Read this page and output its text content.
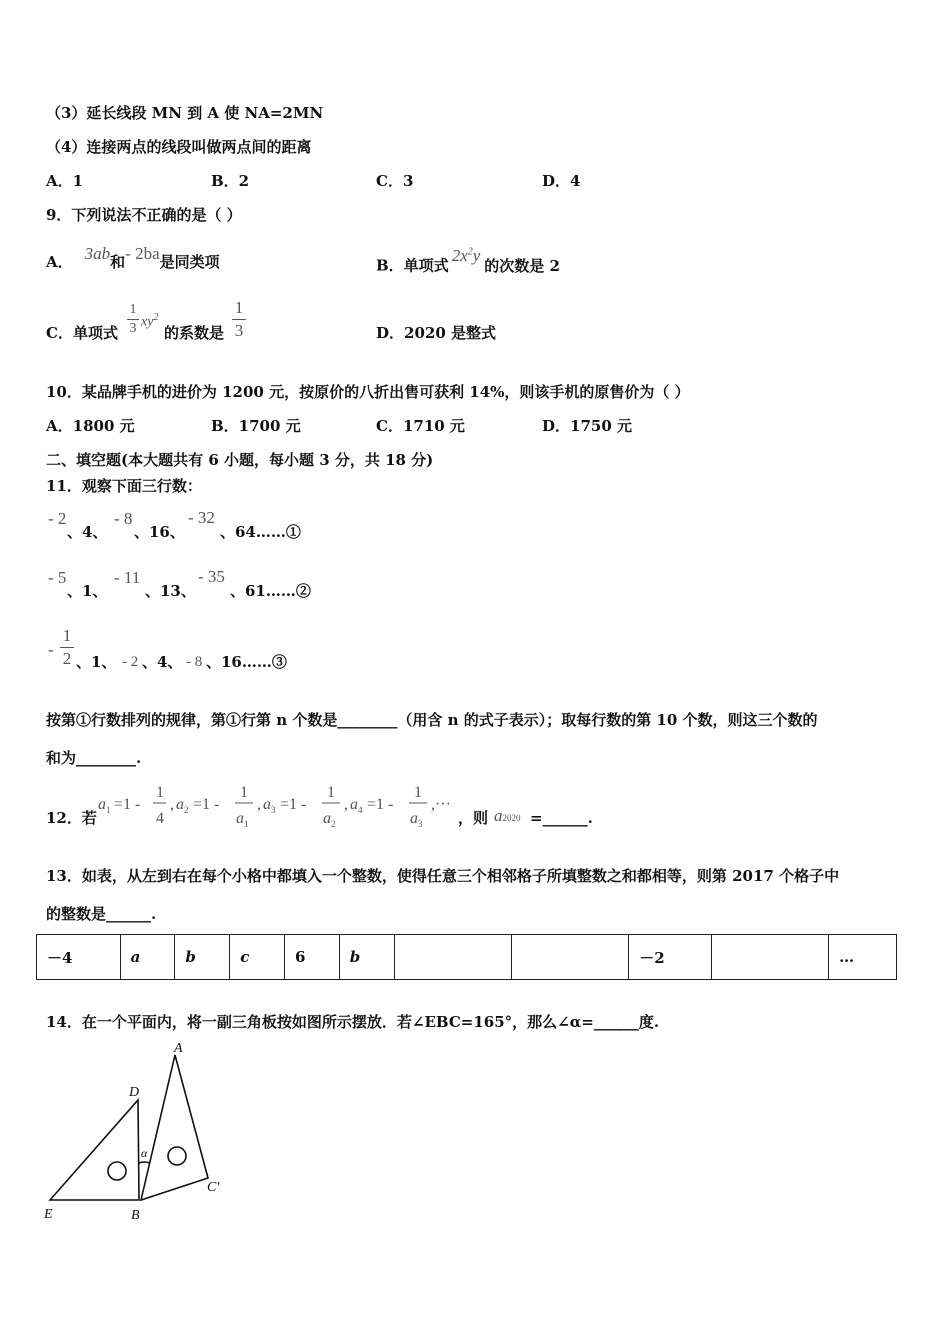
（3）延长线段 MN 到 A 使 NA=2MN
（4）连接两点的线段叫做两点间的距离
A．1	B．2	C．3	D．4
9．下列说法不正确的是（ ）
A． 3ab和- 2ba是同类项	B．单项式$2x^2y$的次数是 2
C．单项式
1
3 $xy^2$
的系数是
1
3	D．2020 是整式
10．某品牌手机的进价为 1200 元，按原价的八折出售可获利 14%，则该手机的原售价为（ ）
A．1800 元	B．1700 元	C．1710 元	D．1750 元
二、填空题(本大题共有 6 小题，每小题 3 分，共 18 分)
11．观察下面三行数：
- 2
、4、
- 8
、16、
- 32
、64……①
- 5
、1、
- 11
、13、
- 35
、61……②
-
1
2 、1、 - 2 、4、 - 8 、16……③
按第①行数排列的规律，第①行第 n 个数是________（用含 n 的式子表示）；取每行数的第 10 个数，则这三个数的
和为________.
12．若
a 1 =1 -
1
4
, a 2 =1 -
1
a 1
, a 3 =1 -
1
a 2
, a 4 =1 -
1
a 3
,···
，则 a2020 =______.
13．如表，从左到右在每个小格中都填入一个整数，使得任意三个相邻格子所填整数之和都相等，则第 2017 个格子中
的整数是______.
－4	a	b	c	6	b			－2		…
14．在一个平面内，将一副三角板按如图所示摆放．若∠EBC=165°，那么∠α=______度.
A
D
C'
E	B
α
